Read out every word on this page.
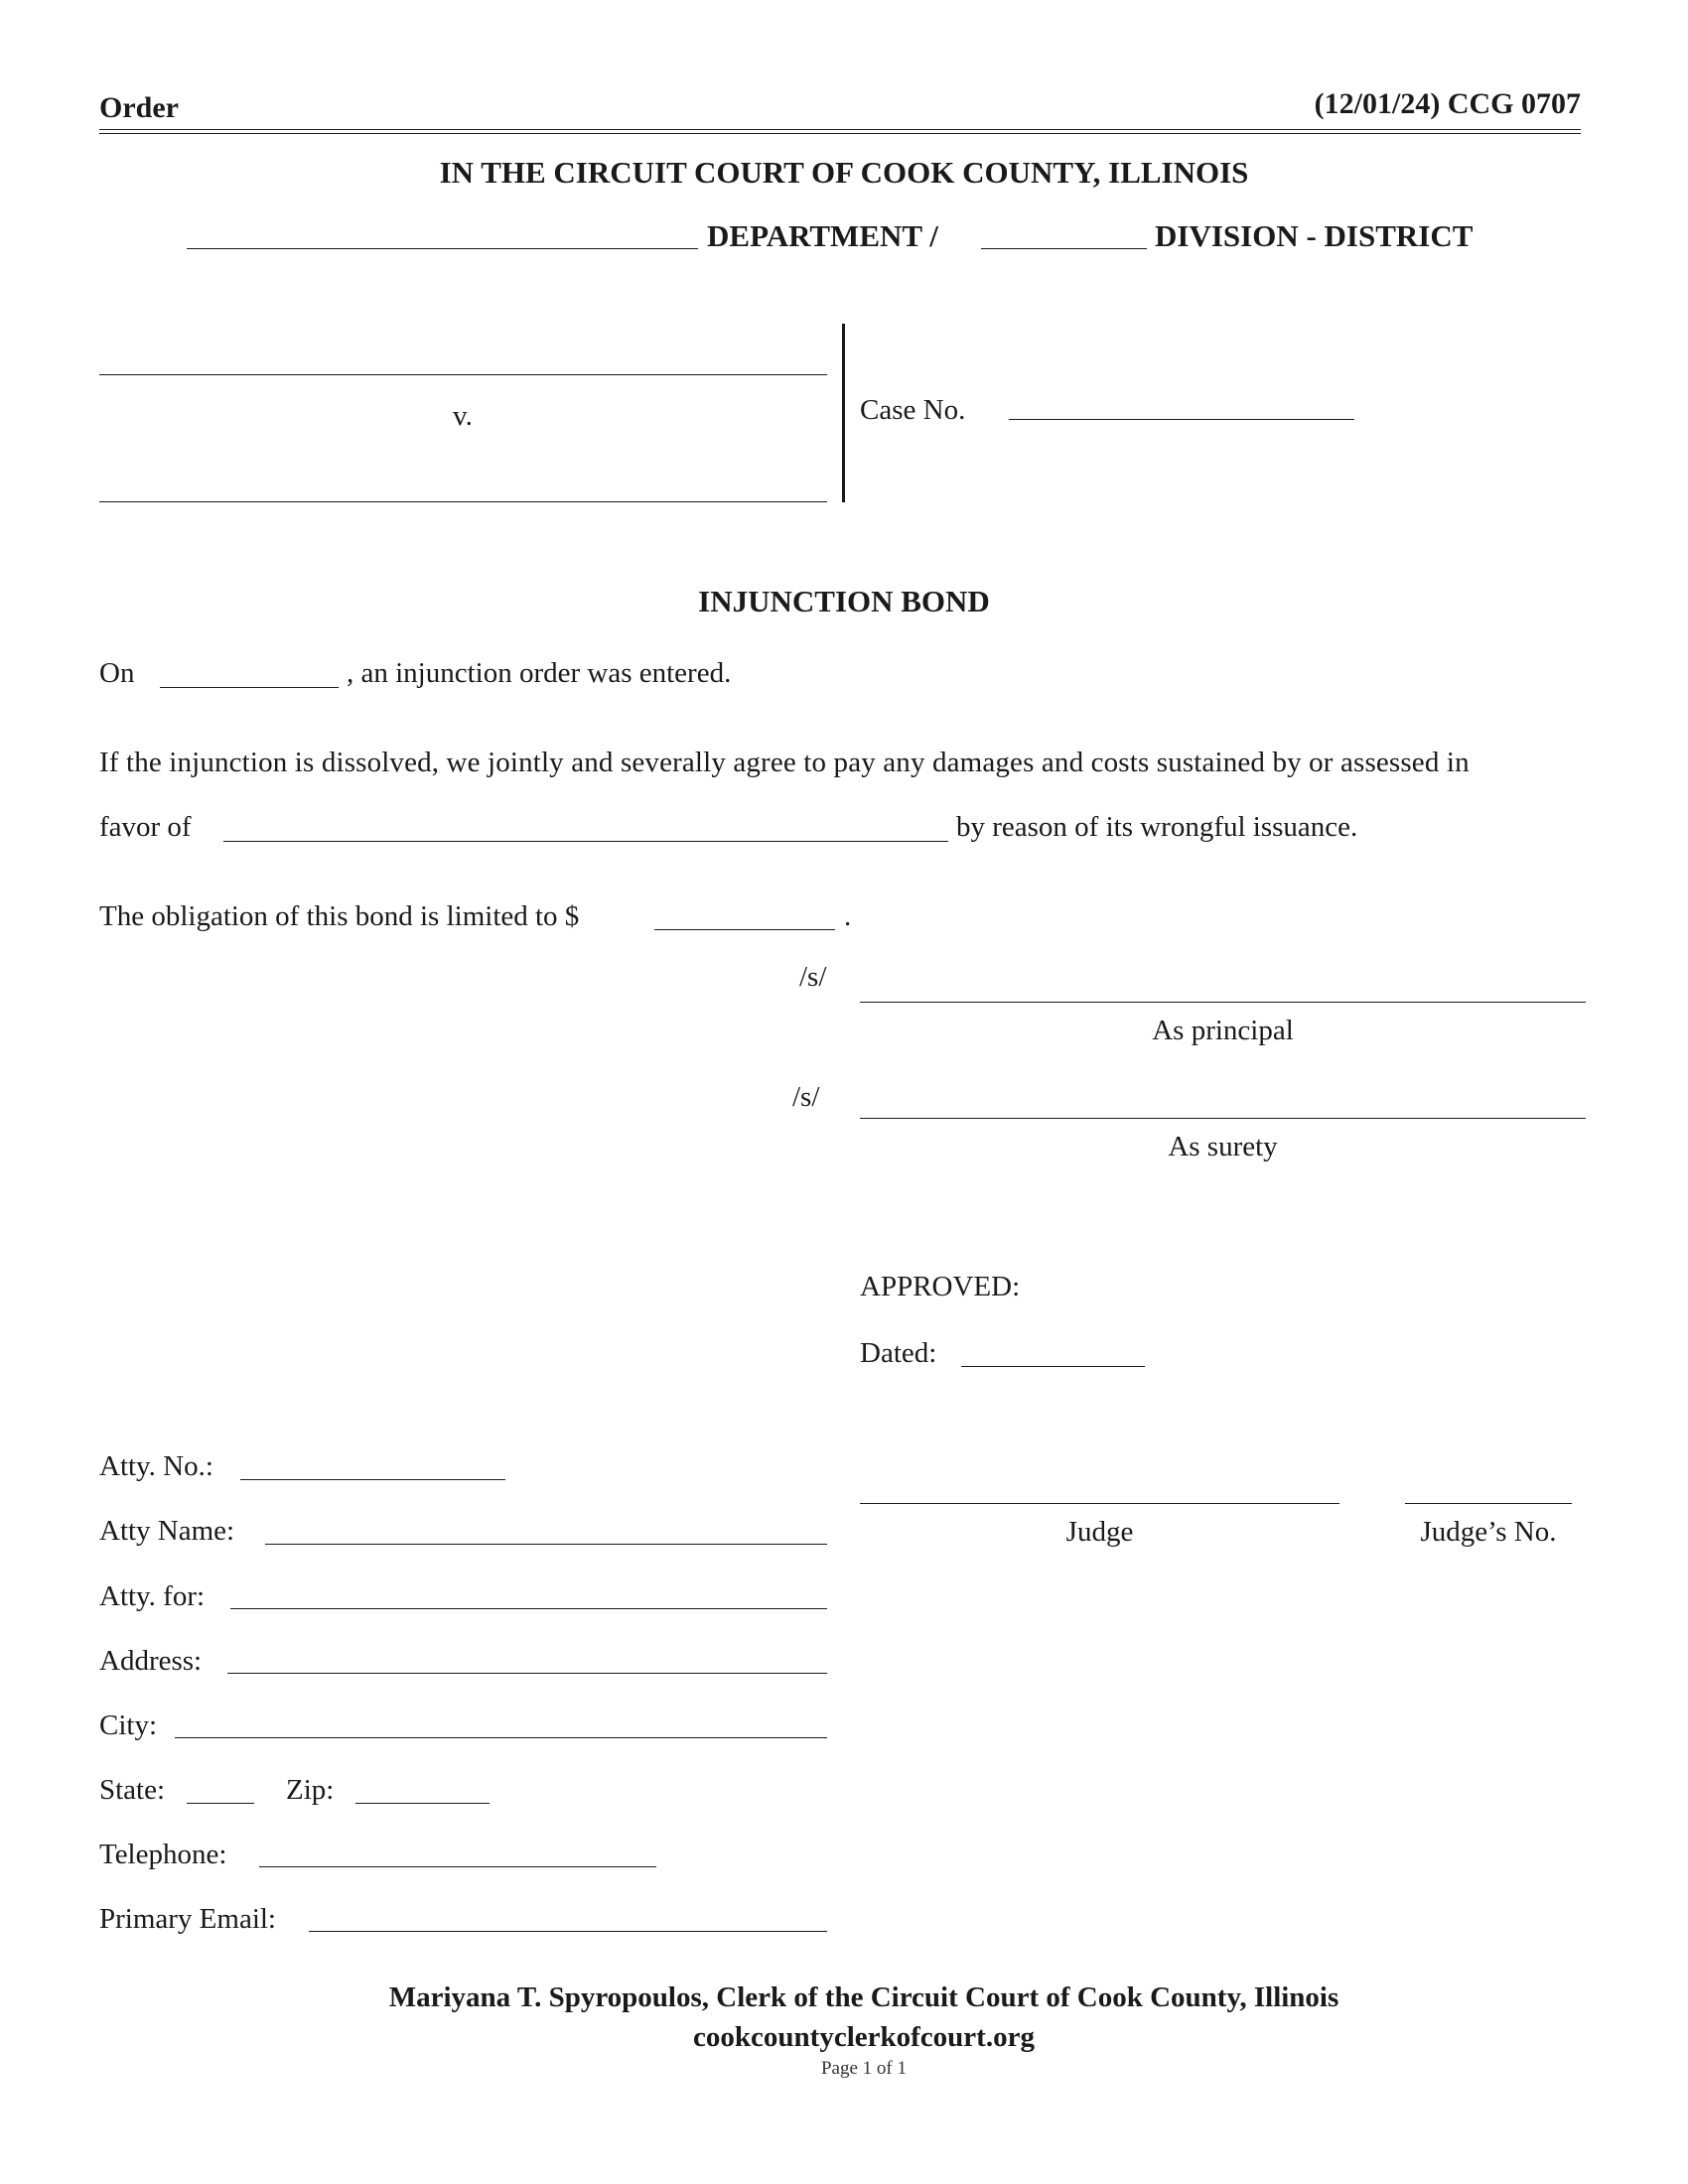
Order	(12/01/24) CCG 0707
IN THE CIRCUIT COURT OF COOK COUNTY, ILLINOIS
DEPARTMENT /	DIVISION - DISTRICT
v.	Case No.
INJUNCTION BOND
On	, an injunction order was entered.
If the injunction is dissolved, we jointly and severally agree to pay any damages and costs sustained by or assessed in
favor of	by reason of its wrongful issuance.
The obligation of this bond is limited to $	.
/s/
As principal
/s/
As surety
APPROVED:
Dated:
Judge	Judge’s No.
Atty. No.:
Atty Name:
Atty. for:
Address:
City:
State:	Zip:
Telephone:
Primary Email:
Mariyana T. Spyropoulos, Clerk of the Circuit Court of Cook County, Illinois
cookcountyclerkofcourt.org
Page 1 of 1
